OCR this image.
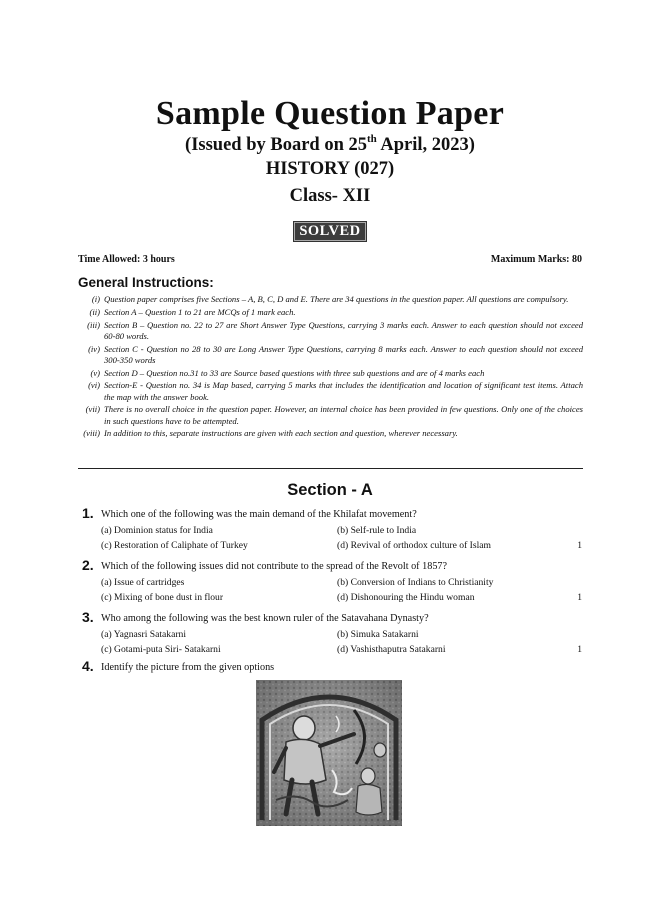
Sample Question Paper
(Issued by Board on 25th April, 2023)
HISTORY (027)
Class- XII
SOLVED
Time Allowed: 3 hours	Maximum Marks: 80
General Instructions:
(i) Question paper comprises five Sections – A, B, C, D and E. There are 34 questions in the question paper. All questions are compulsory.
(ii) Section A – Question 1 to 21 are MCQs of 1 mark each.
(iii) Section B – Question no. 22 to 27 are Short Answer Type Questions, carrying 3 marks each. Answer to each question should not exceed 60-80 words.
(iv) Section C - Question no 28 to 30 are Long Answer Type Questions, carrying 8 marks each. Answer to each question should not exceed 300-350 words
(v) Section D – Question no.31 to 33 are Source based questions with three sub questions and are of 4 marks each
(vi) Section-E - Question no. 34 is Map based, carrying 5 marks that includes the identification and location of significant test items. Attach the map with the answer book.
(vii) There is no overall choice in the question paper. However, an internal choice has been provided in few questions. Only one of the choices in such questions have to be attempted.
(viii) In addition to this, separate instructions are given with each section and question, wherever necessary.
Section - A
1. Which one of the following was the main demand of the Khilafat movement?
(a) Dominion status for India	(b) Self-rule to India
(c) Restoration of Caliphate of Turkey	(d) Revival of orthodox culture of Islam	1
2. Which of the following issues did not contribute to the spread of the Revolt of 1857?
(a) Issue of cartridges	(b) Conversion of Indians to Christianity
(c) Mixing of bone dust in flour	(d) Dishonouring the Hindu woman	1
3. Who among the following was the best known ruler of the Satavahana Dynasty?
(a) Yagnasri Satakarni	(b) Simuka Satakarni
(c) Gotami-puta Siri- Satakarni	(d) Vashisthaputra Satakarni	1
4. Identify the picture from the given options
